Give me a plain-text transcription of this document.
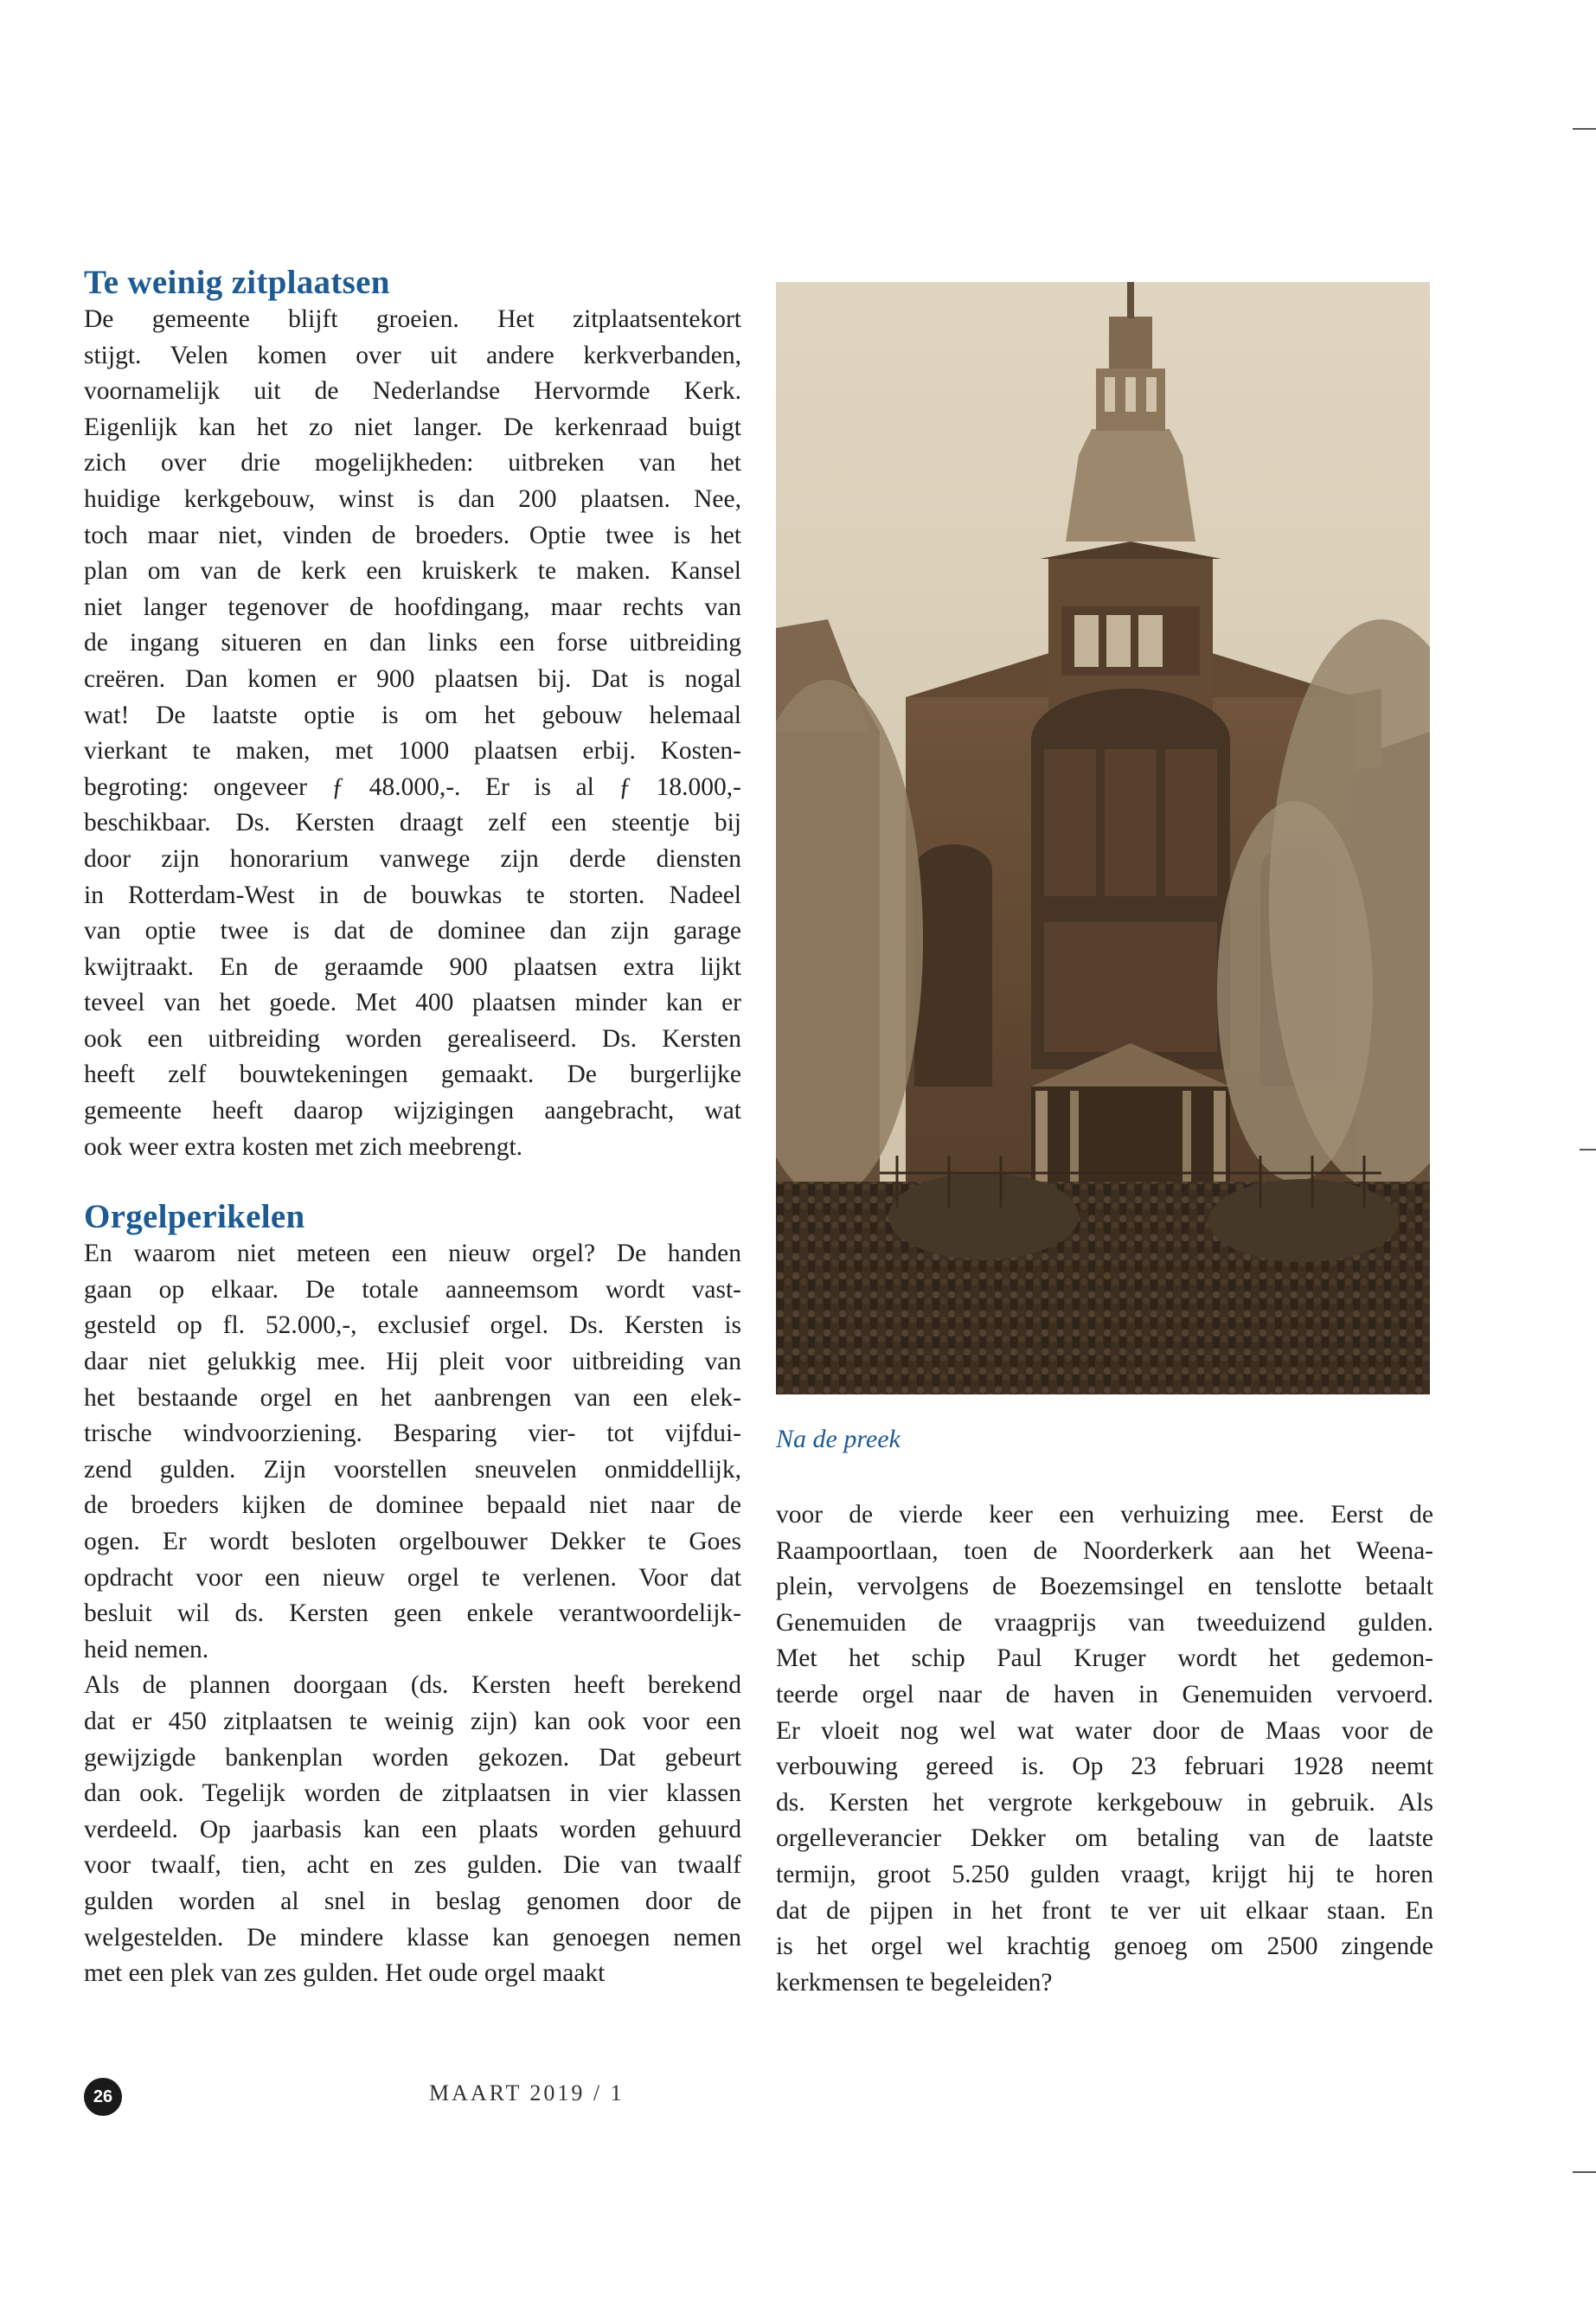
Te weinig zitplaatsen

De gemeente blijft groeien. Het zitplaatsentekort
stijgt. Velen komen over uit andere kerkverbanden,
voornamelijk uit de Nederlandse Hervormde Kerk.
Eigenlijk kan het zo niet langer. De kerkenraad buigt
zich over drie mogelijkheden: uitbreken van het
huidige kerkgebouw, winst is dan 200 plaatsen. Nee,
toch maar niet, vinden de broeders. Optie twee is het
plan om van de kerk een kruiskerk te maken. Kansel
niet langer tegenover de hoofdingang, maar rechts van
de ingang situeren en dan links een forse uitbreiding
creëren. Dan komen er 900 plaatsen bij. Dat is nogal
wat! De laatste optie is om het gebouw helemaal
vierkant te maken, met 1000 plaatsen erbij. Kosten-
begroting: ongeveer ƒ 48.000,-. Er is al ƒ 18.000,-
beschikbaar. Ds. Kersten draagt zelf een steentje bij
door zijn honorarium vanwege zijn derde diensten
in Rotterdam-West in de bouwkas te storten. Nadeel
van optie twee is dat de dominee dan zijn garage
kwijtraakt. En de geraamde 900 plaatsen extra lijkt
teveel van het goede. Met 400 plaatsen minder kan er
ook een uitbreiding worden gerealiseerd. Ds. Kersten
heeft zelf bouwtekeningen gemaakt. De burgerlijke
gemeente heeft daarop wijzigingen aangebracht, wat
ook weer extra kosten met zich meebrengt.

Orgelperikelen

En waarom niet meteen een nieuw orgel? De handen
gaan op elkaar. De totale aanneemsom wordt vast-
gesteld op fl. 52.000,-, exclusief orgel. Ds. Kersten is
daar niet gelukkig mee. Hij pleit voor uitbreiding van
het bestaande orgel en het aanbrengen van een elek-
trische windvoorziening. Besparing vier- tot vijfdui-
zend gulden. Zijn voorstellen sneuvelen onmiddellijk,
de broeders kijken de dominee bepaald niet naar de
ogen. Er wordt besloten orgelbouwer Dekker te Goes
opdracht voor een nieuw orgel te verlenen. Voor dat
besluit wil ds. Kersten geen enkele verantwoordelijk-
heid nemen.

Als de plannen doorgaan (ds. Kersten heeft berekend
dat er 450 zitplaatsen te weinig zijn) kan ook voor een
gewijzigde bankenplan worden gekozen. Dat gebeurt
dan ook. Tegelijk worden de zitplaatsen in vier klassen
verdeeld. Op jaarbasis kan een plaats worden gehuurd
voor twaalf, tien, acht en zes gulden. Die van twaalf
gulden worden al snel in beslag genomen door de
welgestelden. De mindere klasse kan genoegen nemen
met een plek van zes gulden. Het oude orgel maakt

Na de preek

voor de vierde keer een verhuizing mee. Eerst de
Raampoortlaan, toen de Noorderkerk aan het Weena-
plein, vervolgens de Boezemsingel en tenslotte betaalt
Genemuiden de vraagprijs van tweeduizend gulden.
Met het schip Paul Kruger wordt het gedemon-
teerde orgel naar de haven in Genemuiden vervoerd.
Er vloeit nog wel wat water door de Maas voor de
verbouwing gereed is. Op 23 februari 1928 neemt
ds. Kersten het vergrote kerkgebouw in gebruik. Als
orgelleverancier Dekker om betaling van de laatste
termijn, groot 5.250 gulden vraagt, krijgt hij te horen
dat de pijpen in het front te ver uit elkaar staan. En
is het orgel wel krachtig genoeg om 2500 zingende
kerkmensen te begeleiden?

26	MAART 2019 / 1
